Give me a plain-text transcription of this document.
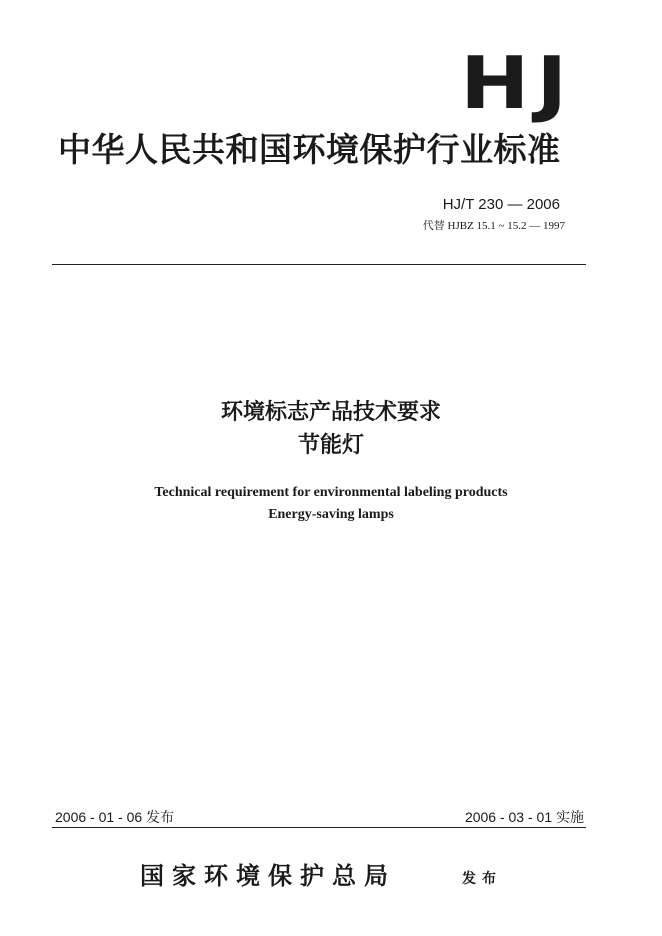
HJ
中华人民共和国环境保护行业标准
HJ/T 230 — 2006
代替 HJBZ 15.1 ~ 15.2 — 1997
环境标志产品技术要求
节能灯
Technical requirement for environmental labeling products
Energy-saving lamps
2006 - 01 - 06 发布	2006 - 03 - 01 实施
国家环境保护总局	发布
